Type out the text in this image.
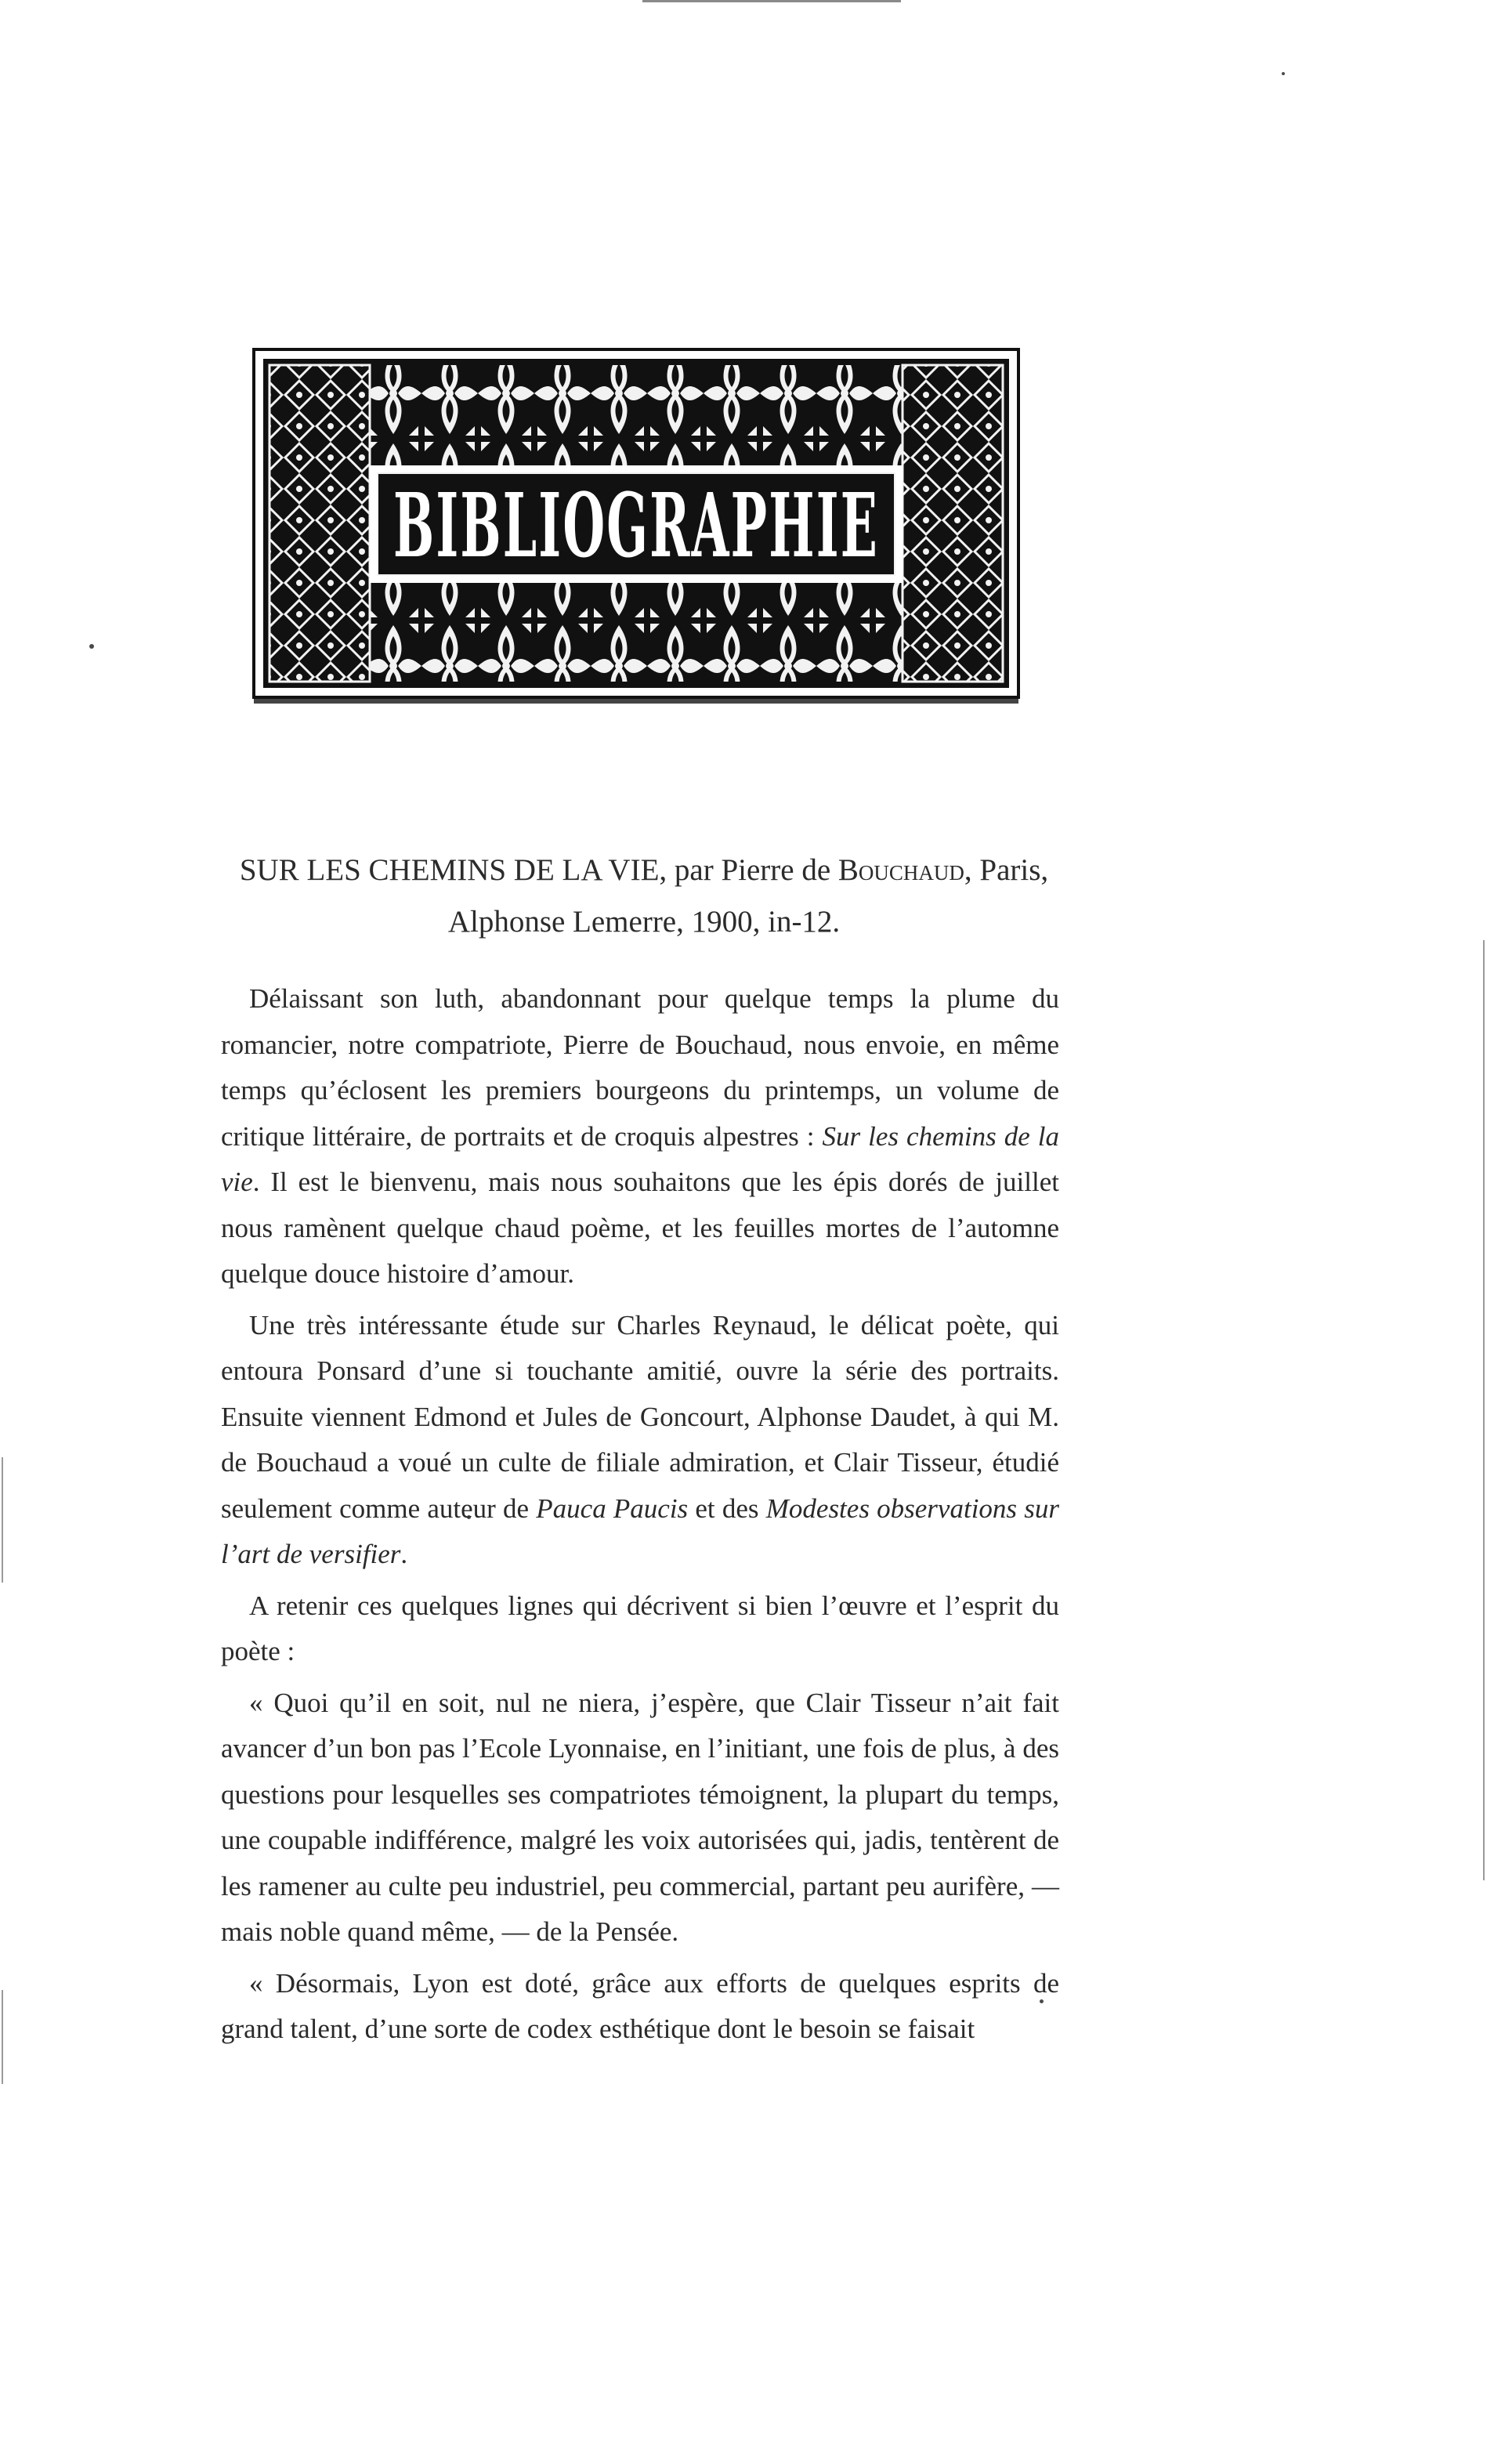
BIBLIOGRAPHIE
SUR LES CHEMINS DE LA VIE, par Pierre de Bouchaud, Paris,
Alphonse Lemerre, 1900, in-12.

Délaissant son luth, abandonnant pour quelque temps la plume du romancier, notre compatriote, Pierre de Bouchaud, nous envoie, en même temps qu’éclosent les premiers bourgeons du printemps, un volume de critique littéraire, de portraits et de croquis alpestres : Sur les chemins de la vie. Il est le bienvenu, mais nous souhaitons que les épis dorés de juillet nous ramènent quelque chaud poème, et les feuilles mortes de l’automne quelque douce histoire d’amour.

Une très intéressante étude sur Charles Reynaud, le délicat poète, qui entoura Ponsard d’une si touchante amitié, ouvre la série des portraits. Ensuite viennent Edmond et Jules de Goncourt, Alphonse Daudet, à qui M. de Bouchaud a voué un culte de filiale admiration, et Clair Tisseur, étudié seulement comme auteur de Pauca Paucis et des Modestes observations sur l’art de versifier.

A retenir ces quelques lignes qui décrivent si bien l’œuvre et l’esprit du poète :

« Quoi qu’il en soit, nul ne niera, j’espère, que Clair Tisseur n’ait fait avancer d’un bon pas l’Ecole Lyonnaise, en l’initiant, une fois de plus, à des questions pour lesquelles ses compatriotes témoignent, la plupart du temps, une coupable indifférence, malgré les voix autorisées qui, jadis, tentèrent de les ramener au culte peu industriel, peu commercial, partant peu aurifère, — mais noble quand même, — de la Pensée.

« Désormais, Lyon est doté, grâce aux efforts de quelques esprits de grand talent, d’une sorte de codex esthétique dont le besoin se faisait
